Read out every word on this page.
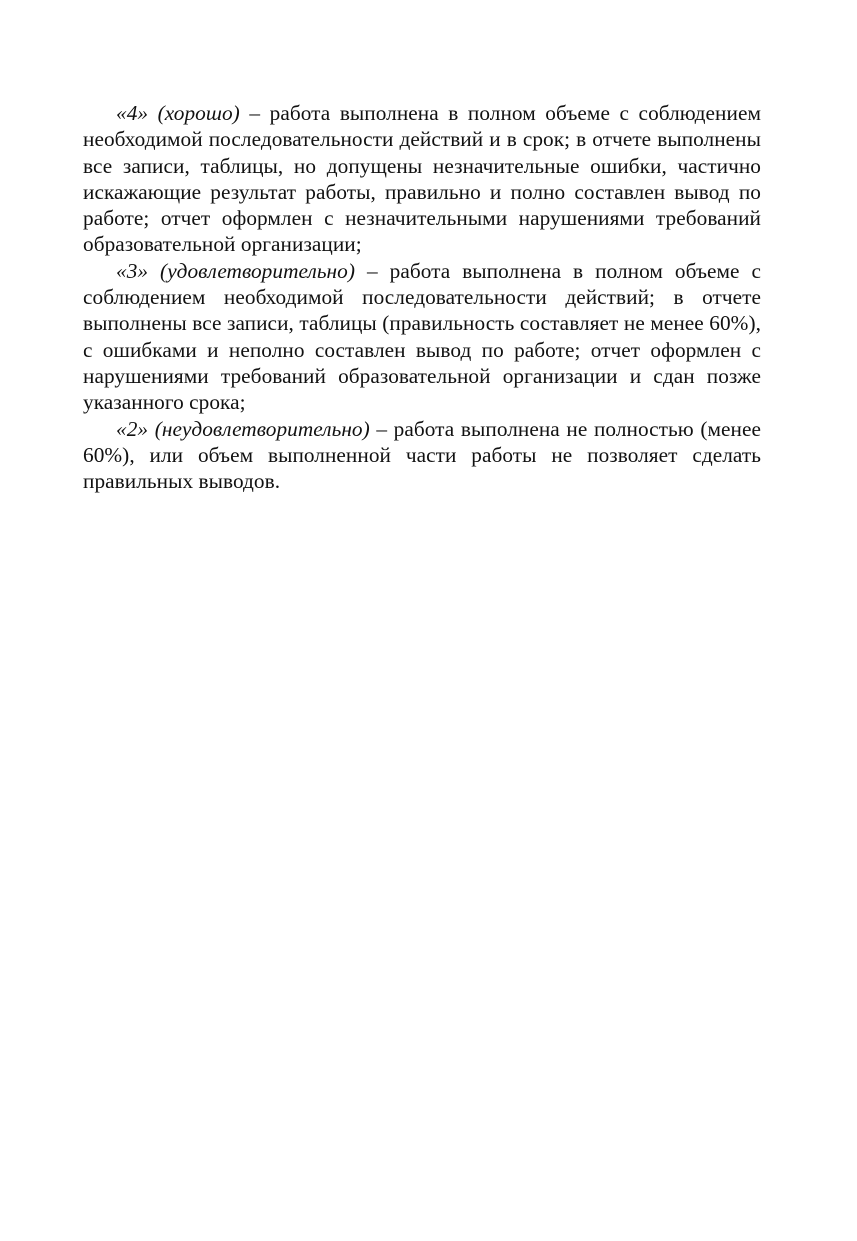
«4» (хорошо) – работа выполнена в полном объеме с соблюдением необходимой последовательности действий и в срок; в отчете выполнены все записи, таблицы, но допущены незначительные ошибки, частично искажающие результат работы, правильно и полно составлен вывод по работе; отчет оформлен с незначительными нарушениями требований образовательной организации;

«3» (удовлетворительно) – работа выполнена в полном объеме с соблюдением необходимой последовательности действий; в отчете выполнены все записи, таблицы (правильность составляет не менее 60%), с ошибками и неполно составлен вывод по работе; отчет оформлен с нарушениями требований образовательной организации и сдан позже указанного срока;

«2» (неудовлетворительно) – работа выполнена не полностью (менее 60%), или объем выполненной части работы не позволяет сделать правильных выводов.
